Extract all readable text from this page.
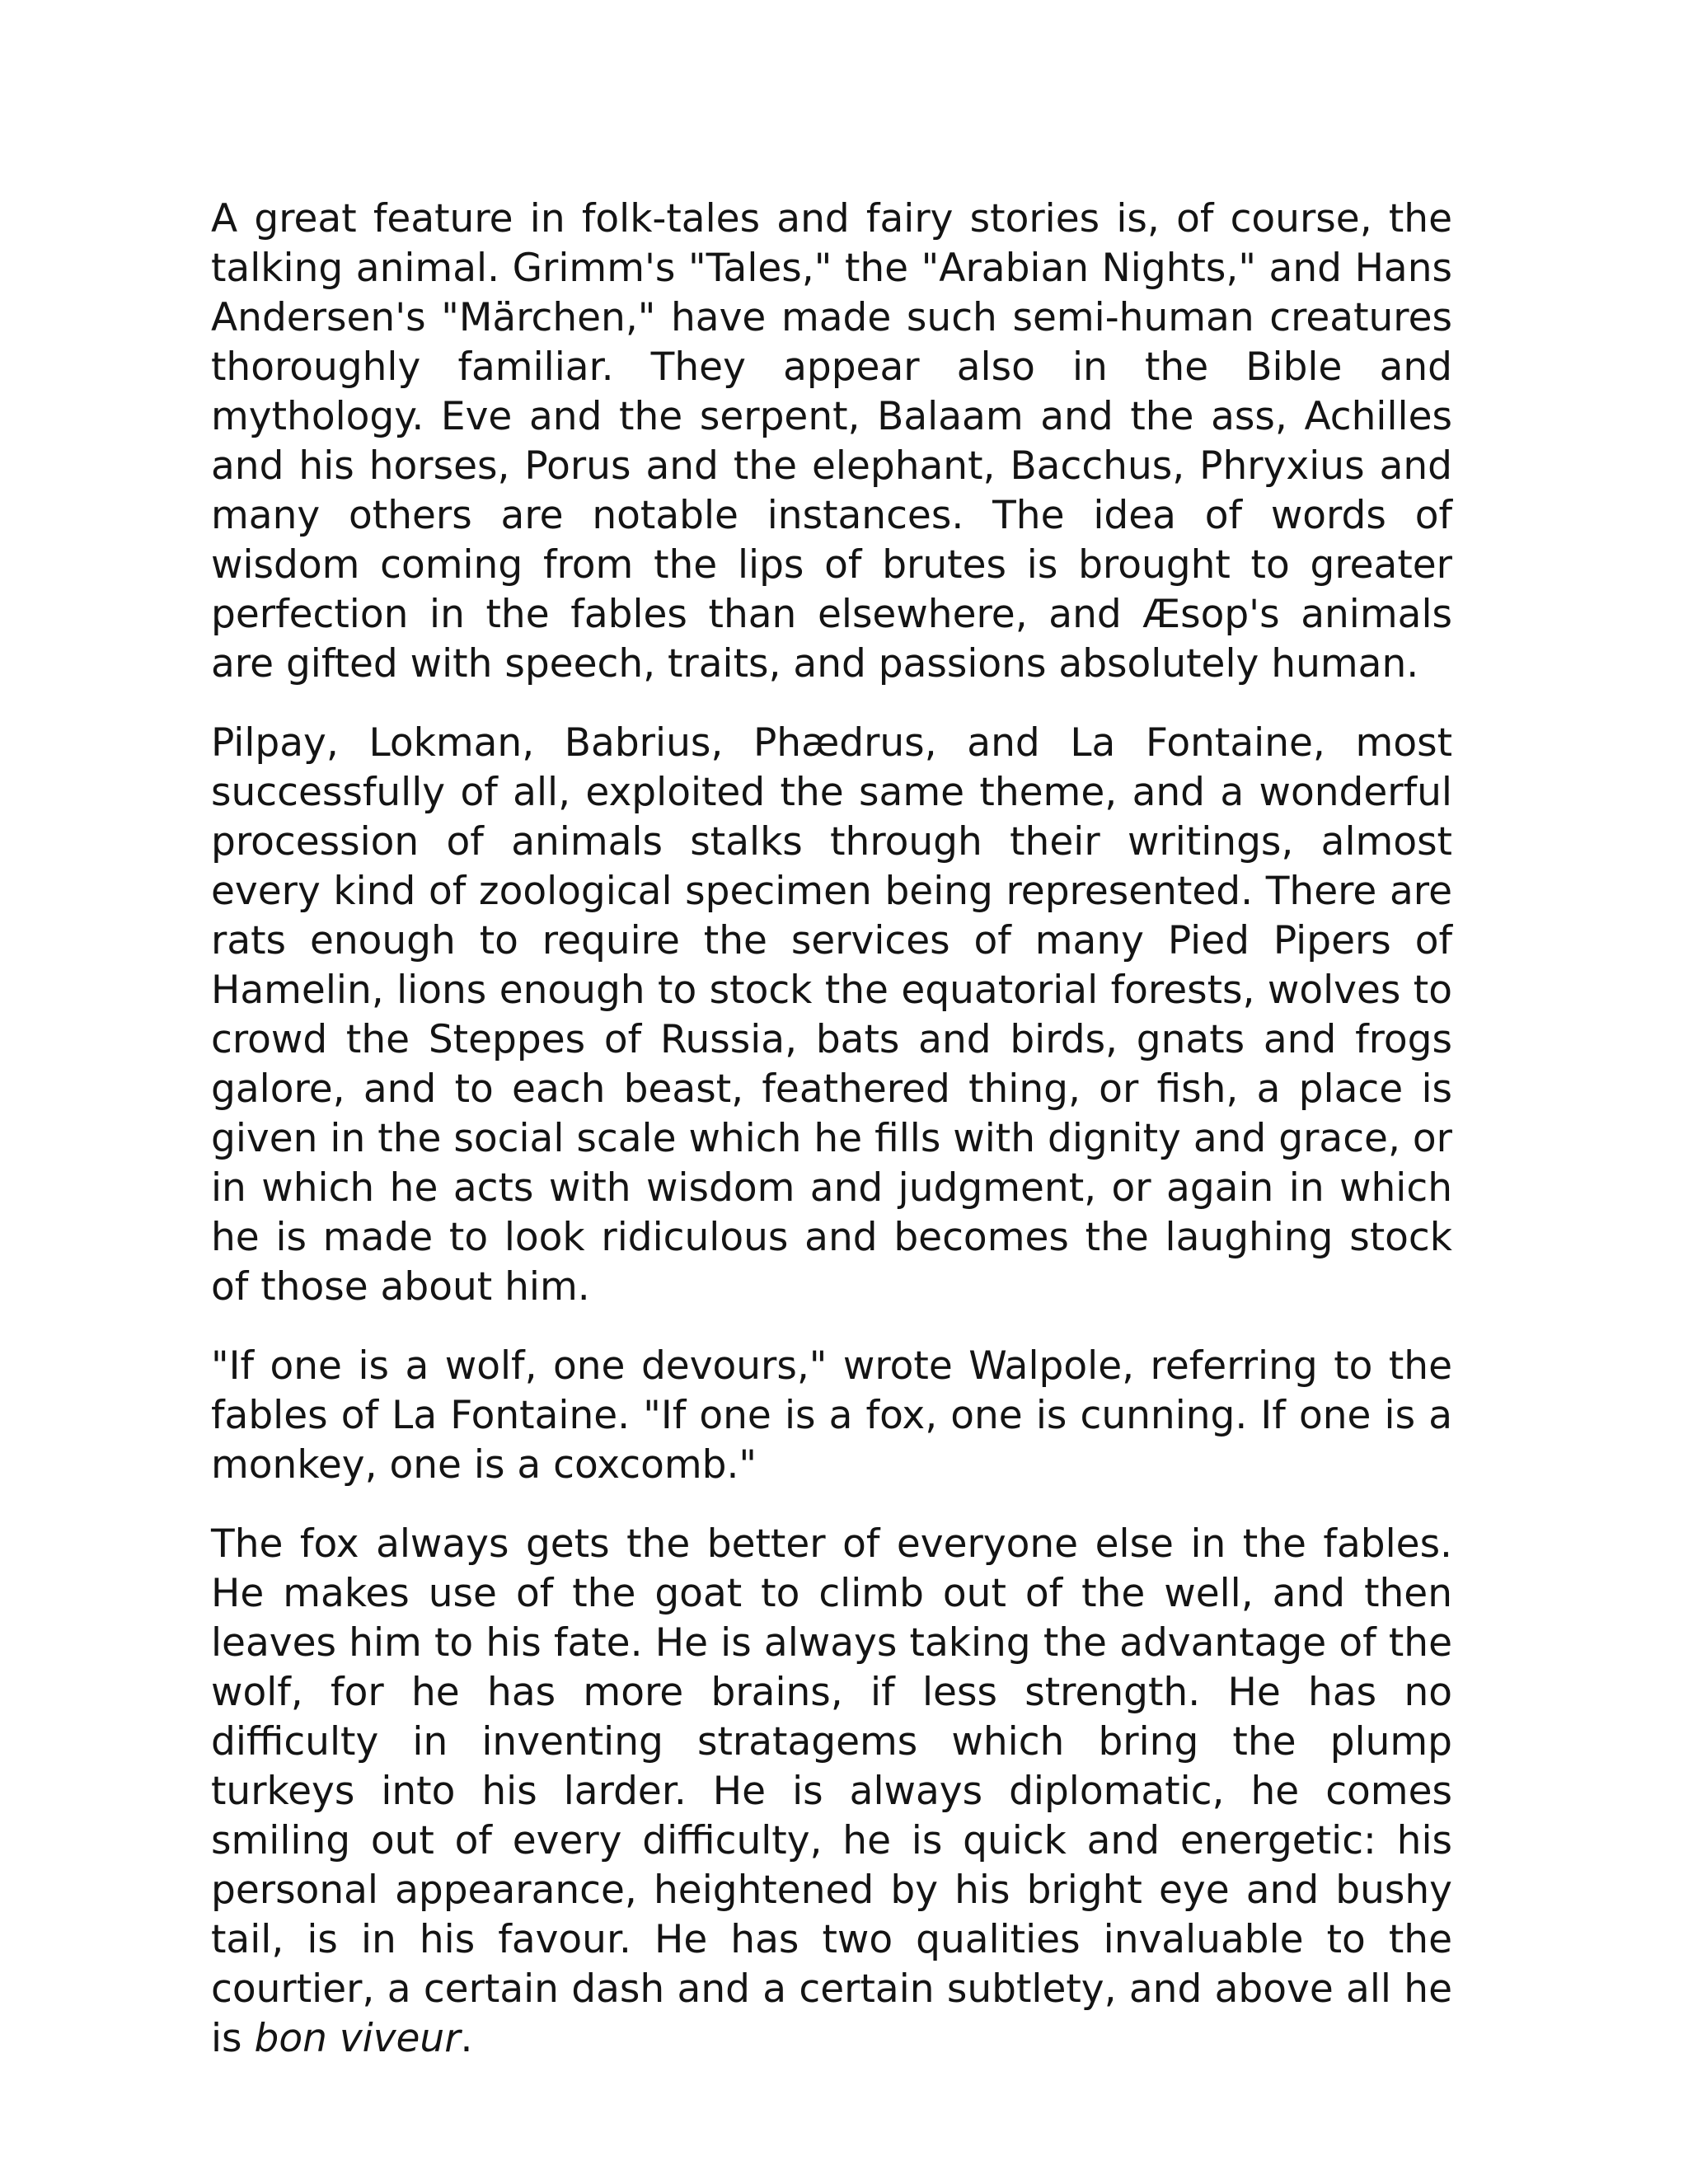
A great feature in folk-tales and fairy stories is, of course, the talking animal. Grimm's "Tales," the "Arabian Nights," and Hans Andersen's "Märchen," have made such semi-human creatures thoroughly familiar. They appear also in the Bible and mythology. Eve and the serpent, Balaam and the ass, Achilles and his horses, Porus and the elephant, Bacchus, Phryxius and many others are notable instances. The idea of words of wisdom coming from the lips of brutes is brought to greater perfection in the fables than elsewhere, and Æsop's animals are gifted with speech, traits, and passions absolutely human.

Pilpay, Lokman, Babrius, Phædrus, and La Fontaine, most successfully of all, exploited the same theme, and a wonderful procession of animals stalks through their writings, almost every kind of zoological specimen being represented. There are rats enough to require the services of many Pied Pipers of Hamelin, lions enough to stock the equatorial forests, wolves to crowd the Steppes of Russia, bats and birds, gnats and frogs galore, and to each beast, feathered thing, or fish, a place is given in the social scale which he fills with dignity and grace, or in which he acts with wisdom and judgment, or again in which he is made to look ridiculous and becomes the laughing stock of those about him.

"If one is a wolf, one devours," wrote Walpole, referring to the fables of La Fontaine. "If one is a fox, one is cunning. If one is a monkey, one is a coxcomb."

The fox always gets the better of everyone else in the fables. He makes use of the goat to climb out of the well, and then leaves him to his fate. He is always taking the advantage of the wolf, for he has more brains, if less strength. He has no difficulty in inventing stratagems which bring the plump turkeys into his larder. He is always diplomatic, he comes smiling out of every difficulty, he is quick and energetic: his personal appearance, heightened by his bright eye and bushy tail, is in his favour. He has two qualities invaluable to the courtier, a certain dash and a certain subtlety, and above all he is bon viveur.
